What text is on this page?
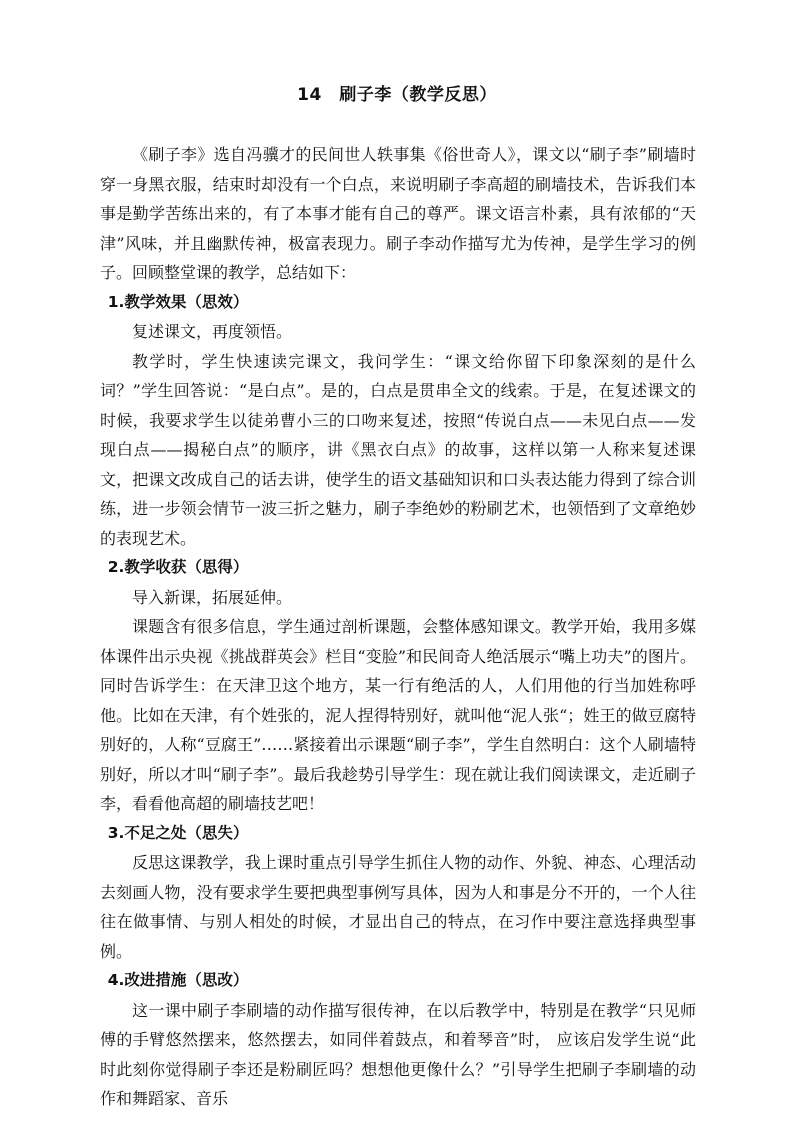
14　刷子李（教学反思）

《刷子李》选自冯骥才的民间世人轶事集《俗世奇人》，课文以“刷子李”刷墙时穿一身黑衣服，结束时却没有一个白点，来说明刷子李高超的刷墙技术，告诉我们本事是勤学苦练出来的，有了本事才能有自己的尊严。课文语言朴素，具有浓郁的“天津”风味，并且幽默传神，极富表现力。刷子李动作描写尤为传神，是学生学习的例子。回顾整堂课的教学，总结如下：

1.教学效果（思效）

复述课文，再度领悟。

教学时，学生快速读完课文，我问学生：“课文给你留下印象深刻的是什么词？”学生回答说：“是白点”。是的，白点是贯串全文的线索。于是，在复述课文的时候，我要求学生以徒弟曹小三的口吻来复述，按照“传说白点——未见白点——发现白点——揭秘白点”的顺序，讲《黑衣白点》的故事，这样以第一人称来复述课文，把课文改成自己的话去讲，使学生的语文基础知识和口头表达能力得到了综合训练，进一步领会情节一波三折之魅力，刷子李绝妙的粉刷艺术，也领悟到了文章绝妙的表现艺术。

2.教学收获（思得）

导入新课，拓展延伸。

课题含有很多信息，学生通过剖析课题，会整体感知课文。教学开始，我用多媒体课件出示央视《挑战群英会》栏目“变脸”和民间奇人绝活展示“嘴上功夫”的图片。同时告诉学生：在天津卫这个地方，某一行有绝活的人，人们用他的行当加姓称呼他。比如在天津，有个姓张的，泥人捏得特别好，就叫他“泥人张“；姓王的做豆腐特别好的，人称“豆腐王”……紧接着出示课题“刷子李”，学生自然明白：这个人刷墙特别好，所以才叫“刷子李”。最后我趁势引导学生：现在就让我们阅读课文，走近刷子李，看看他高超的刷墙技艺吧！

3.不足之处（思失）

反思这课教学，我上课时重点引导学生抓住人物的动作、外貌、神态、心理活动去刻画人物，没有要求学生要把典型事例写具体，因为人和事是分不开的，一个人往往在做事情、与别人相处的时候，才显出自己的特点，在习作中要注意选择典型事例。

4.改进措施（思改）

这一课中刷子李刷墙的动作描写很传神，在以后教学中，特别是在教学“只见师傅的手臂悠然摆来，悠然摆去，如同伴着鼓点，和着琴音”时， 应该启发学生说“此时此刻你觉得刷子李还是粉刷匠吗？想想他更像什么？”引导学生把刷子李刷墙的动作和舞蹈家、音乐
